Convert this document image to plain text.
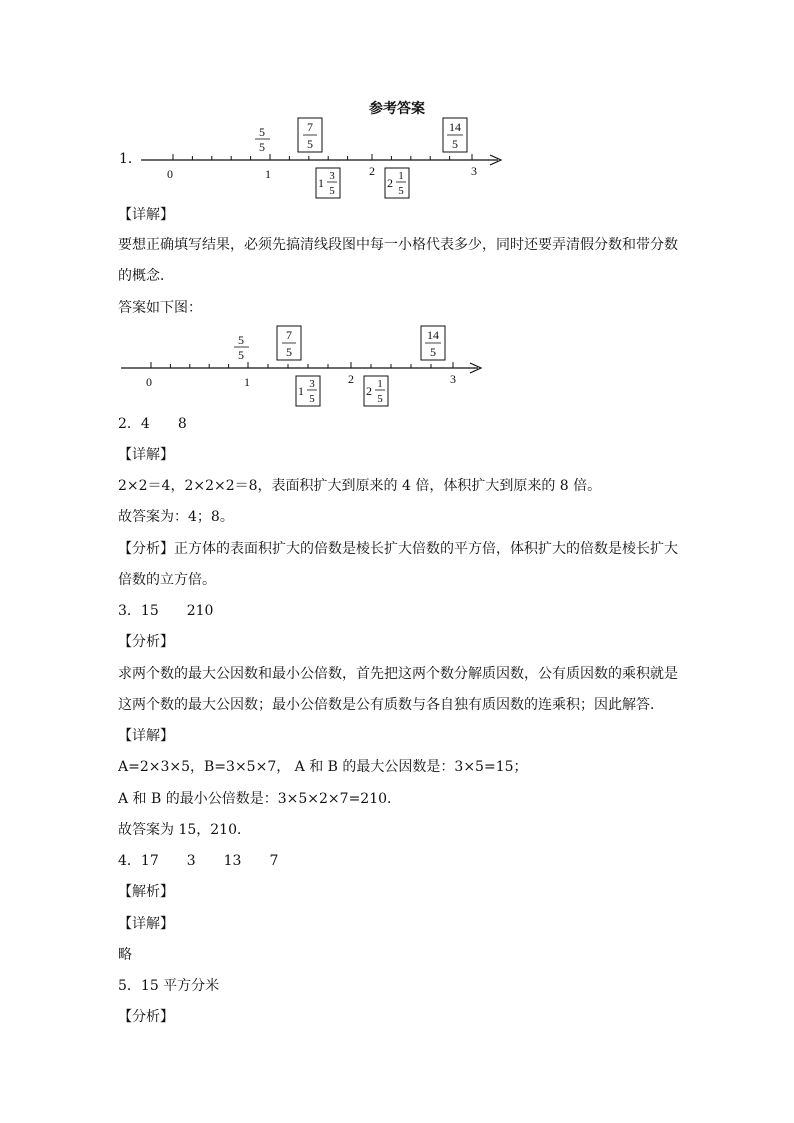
参考答案
1．
0	1	2	3
5
5
7
5
14
5
1 3
5
2 1
5
【详解】
要想正确填写结果，必须先搞清线段图中每一小格代表多少，同时还要弄清假分数和带分数
的概念．
答案如下图：
0	1	2	3
5
5
7
5
14
5
1 3
5
2 1
5
2．4　　8
【详解】
2×2＝4，2×2×2＝8，表面积扩大到原来的 4 倍，体积扩大到原来的 8 倍。
故答案为：4；8。
【分析】正方体的表面积扩大的倍数是棱长扩大倍数的平方倍，体积扩大的倍数是棱长扩大
倍数的立方倍。
3．15　　210
【分析】
求两个数的最大公因数和最小公倍数，首先把这两个数分解质因数，公有质因数的乘积就是
这两个数的最大公因数；最小公倍数是公有质数与各自独有质因数的连乘积；因此解答．
【详解】
A=2×3×5，B=3×5×7， A 和 B 的最大公因数是：3×5=15；
A 和 B 的最小公倍数是：3×5×2×7=210．
故答案为 15，210．
4．17　　3　　13　　7
【解析】
【详解】
略
5．15 平方分米
【分析】
